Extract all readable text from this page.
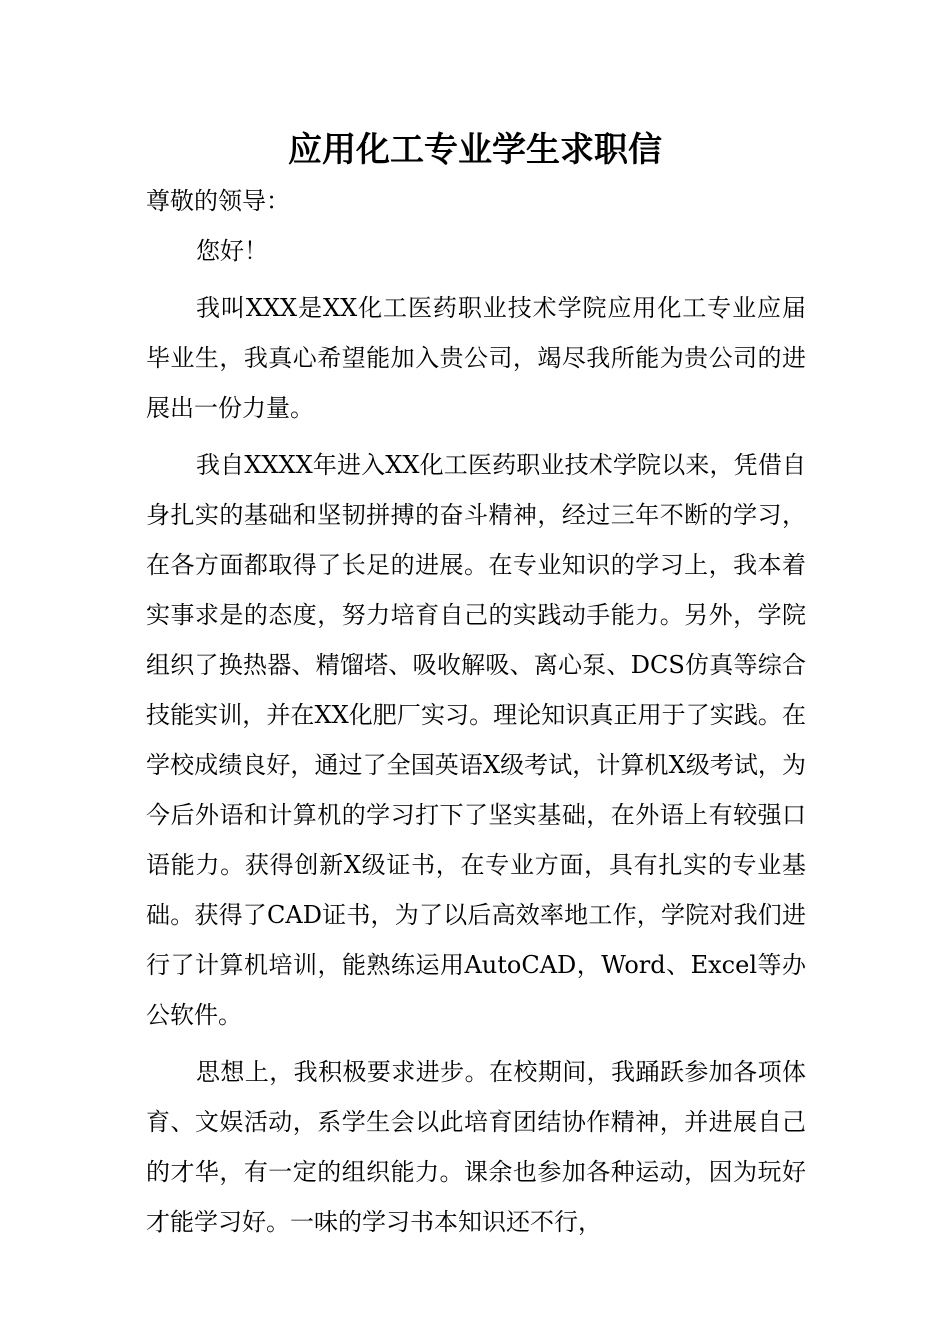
应用化工专业学生求职信

尊敬的领导：

您好！

我叫XXX是XX化工医药职业技术学院应用化工专业应届毕业生，我真心希望能加入贵公司，竭尽我所能为贵公司的进展出一份力量。

我自XXXX年进入XX化工医药职业技术学院以来，凭借自身扎实的基础和坚韧拼搏的奋斗精神，经过三年不断的学习，在各方面都取得了长足的进展。在专业知识的学习上，我本着实事求是的态度，努力培育自己的实践动手能力。另外，学院组织了换热器、精馏塔、吸收解吸、离心泵、DCS仿真等综合技能实训，并在XX化肥厂实习。理论知识真正用于了实践。在学校成绩良好，通过了全国英语X级考试，计算机X级考试，为今后外语和计算机的学习打下了坚实基础，在外语上有较强口语能力。获得创新X级证书，在专业方面，具有扎实的专业基础。获得了CAD证书，为了以后高效率地工作，学院对我们进行了计算机培训，能熟练运用AutoCAD，Word、Excel等办公软件。

思想上，我积极要求进步。在校期间，我踊跃参加各项体育、文娱活动，系学生会以此培育团结协作精神，并进展自己的才华，有一定的组织能力。课余也参加各种运动，因为玩好才能学习好。一味的学习书本知识还不行，
